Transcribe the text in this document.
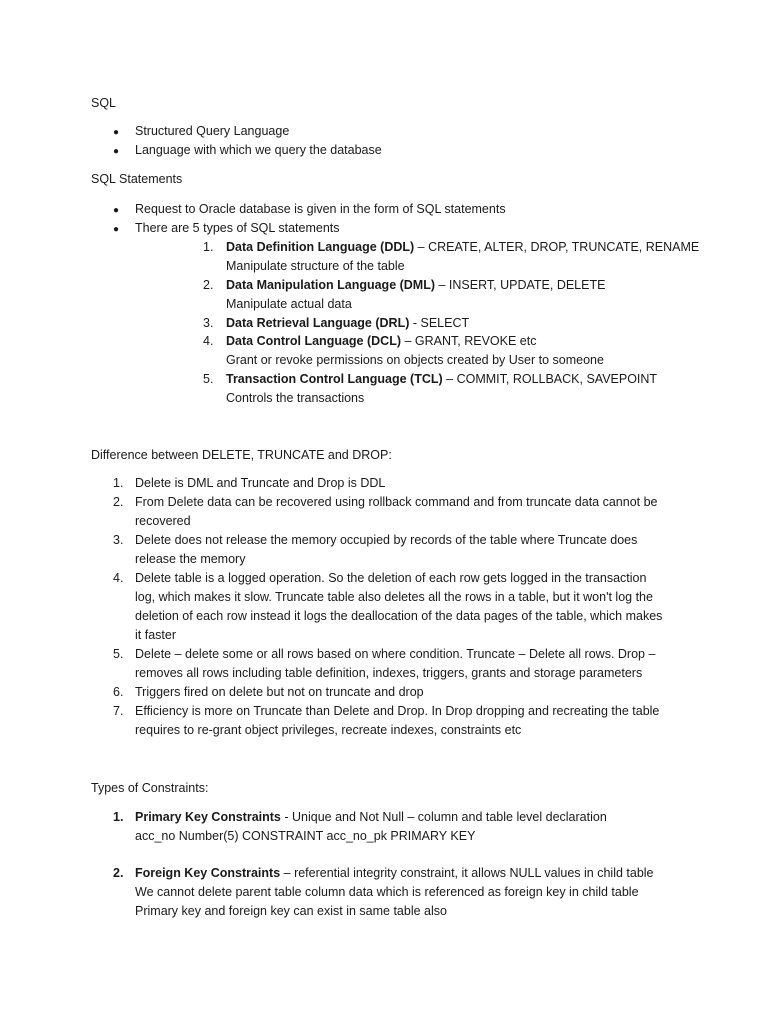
SQL
● Structured Query Language
● Language with which we query the database
SQL Statements
● Request to Oracle database is given in the form of SQL statements
● There are 5 types of SQL statements
1. Data Definition Language (DDL) – CREATE, ALTER, DROP, TRUNCATE, RENAME
Manipulate structure of the table
2. Data Manipulation Language (DML) – INSERT, UPDATE, DELETE
Manipulate actual data
3. Data Retrieval Language (DRL) - SELECT
4. Data Control Language (DCL) – GRANT, REVOKE etc
Grant or revoke permissions on objects created by User to someone
5. Transaction Control Language (TCL) – COMMIT, ROLLBACK, SAVEPOINT
Controls the transactions
Difference between DELETE, TRUNCATE and DROP:
1. Delete is DML and Truncate and Drop is DDL
2. From Delete data can be recovered using rollback command and from truncate data cannot be
recovered
3. Delete does not release the memory occupied by records of the table where Truncate does
release the memory
4. Delete table is a logged operation. So the deletion of each row gets logged in the transaction
log, which makes it slow. Truncate table also deletes all the rows in a table, but it won't log the
deletion of each row instead it logs the deallocation of the data pages of the table, which makes
it faster
5. Delete – delete some or all rows based on where condition. Truncate – Delete all rows. Drop –
removes all rows including table definition, indexes, triggers, grants and storage parameters
6. Triggers fired on delete but not on truncate and drop
7. Efficiency is more on Truncate than Delete and Drop. In Drop dropping and recreating the table
requires to re-grant object privileges, recreate indexes, constraints etc
Types of Constraints:
1. Primary Key Constraints - Unique and Not Null – column and table level declaration
acc_no Number(5) CONSTRAINT acc_no_pk PRIMARY KEY
2. Foreign Key Constraints – referential integrity constraint, it allows NULL values in child table
We cannot delete parent table column data which is referenced as foreign key in child table
Primary key and foreign key can exist in same table also
